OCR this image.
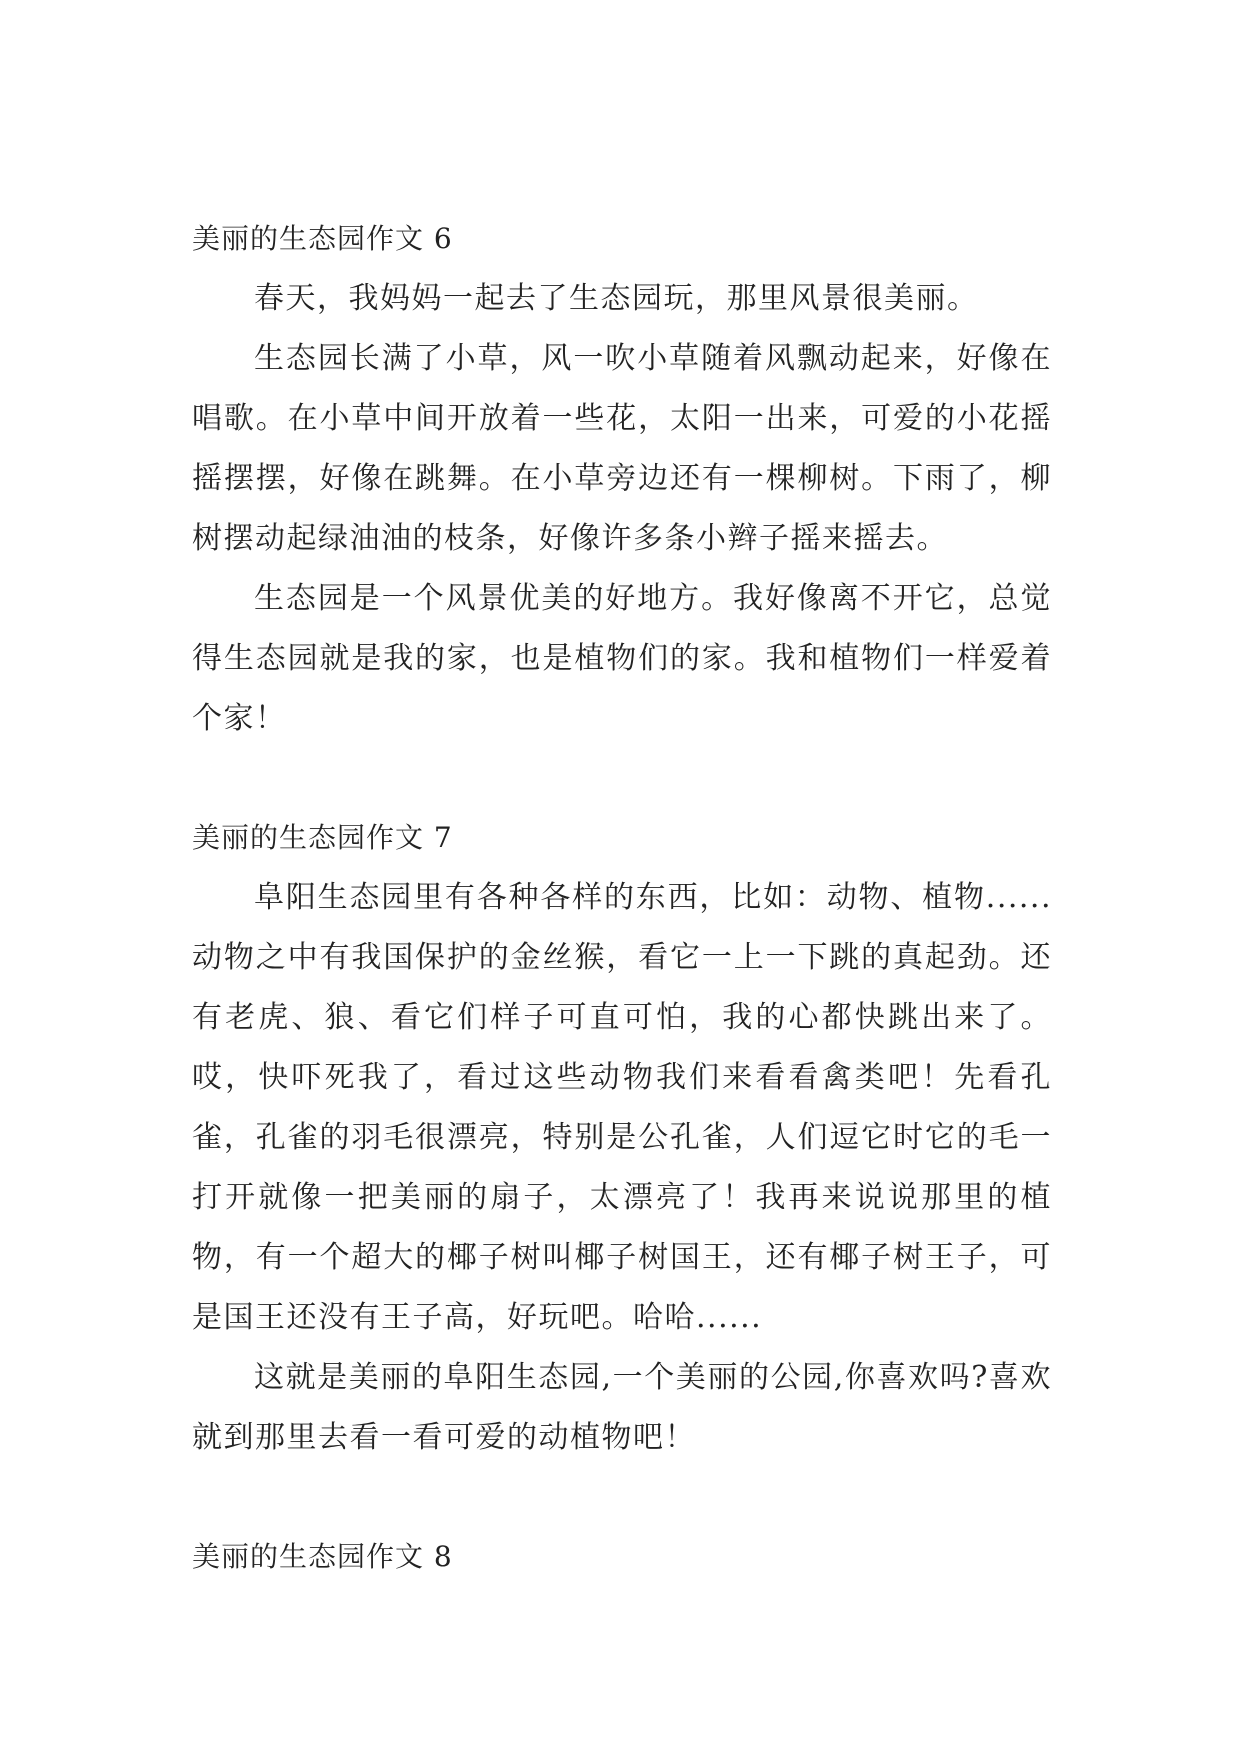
美丽的生态园作文 6

春天，我妈妈一起去了生态园玩，那里风景很美丽。

生态园长满了小草，风一吹小草随着风飘动起来，好像在唱歌。在小草中间开放着一些花，太阳一出来，可爱的小花摇摇摆摆，好像在跳舞。在小草旁边还有一棵柳树。下雨了，柳树摆动起绿油油的枝条，好像许多条小辫子摇来摇去。

生态园是一个风景优美的好地方。我好像离不开它，总觉得生态园就是我的家，也是植物们的家。我和植物们一样爱着个家！

美丽的生态园作文 7

阜阳生态园里有各种各样的东西，比如：动物、植物......动物之中有我国保护的金丝猴，看它一上一下跳的真起劲。还有老虎、狼、看它们样子可直可怕，我的心都快跳出来了。哎，快吓死我了，看过这些动物我们来看看禽类吧！先看孔雀，孔雀的羽毛很漂亮，特别是公孔雀，人们逗它时它的毛一打开就像一把美丽的扇子，太漂亮了！我再来说说那里的植物，有一个超大的椰子树叫椰子树国王，还有椰子树王子，可是国王还没有王子高，好玩吧。哈哈......

这就是美丽的阜阳生态园,一个美丽的公园,你喜欢吗?喜欢就到那里去看一看可爱的动植物吧！

美丽的生态园作文 8
